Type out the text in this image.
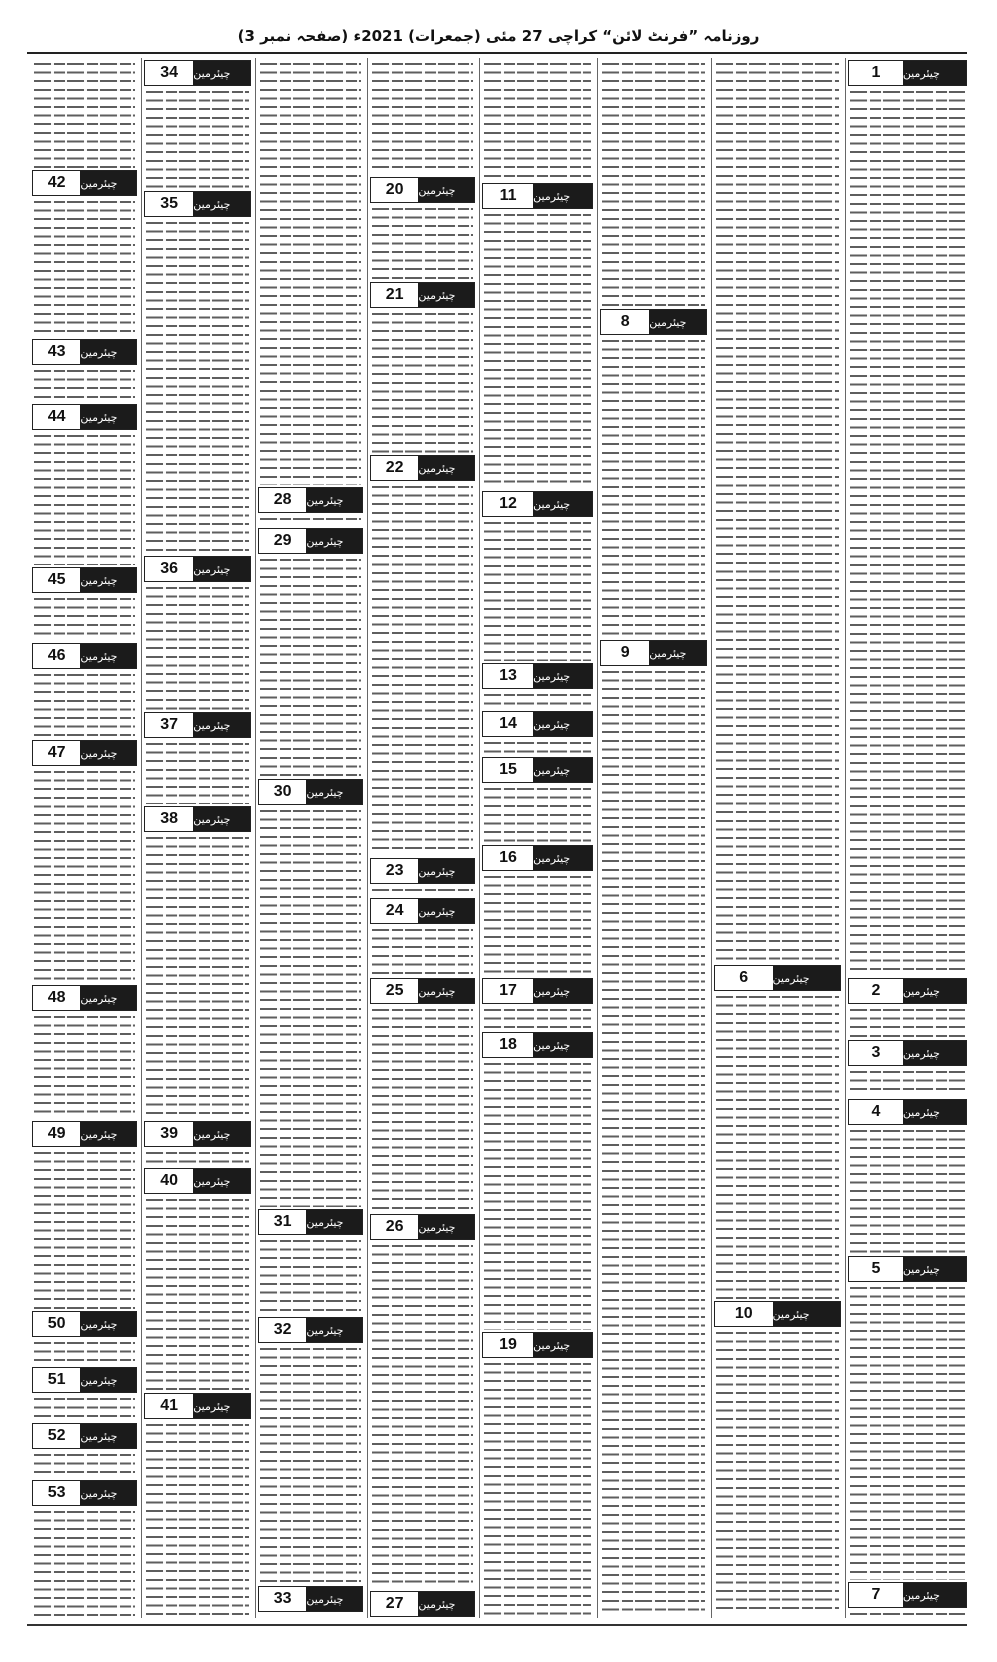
روزنامہ ”فرنٹ لائن“ کراچی 27 مئی (جمعرات) 2021ء (صفحہ نمبر 3)
1	چیئرمین
2	چیئرمین
3	چیئرمین
4	چیئرمین
5	چیئرمین
7	چیئرمین
6	چیئرمین
10	چیئرمین
8	چیئرمین
9	چیئرمین
11	چیئرمین
12	چیئرمین
13	چیئرمین
14	چیئرمین
15	چیئرمین
16	چیئرمین
17	چیئرمین
18	چیئرمین
19	چیئرمین
20	چیئرمین
21	چیئرمین
22	چیئرمین
23	چیئرمین
24	چیئرمین
25	چیئرمین
26	چیئرمین
27	چیئرمین
28	چیئرمین
29	چیئرمین
30	چیئرمین
31	چیئرمین
32	چیئرمین
33	چیئرمین
34	چیئرمین
35	چیئرمین
36	چیئرمین
37	چیئرمین
38	چیئرمین
39	چیئرمین
40	چیئرمین
41	چیئرمین
42	چیئرمین
43	چیئرمین
44	چیئرمین
45	چیئرمین
46	چیئرمین
47	چیئرمین
48	چیئرمین
49	چیئرمین
50	چیئرمین
51	چیئرمین
52	چیئرمین
53	چیئرمین
